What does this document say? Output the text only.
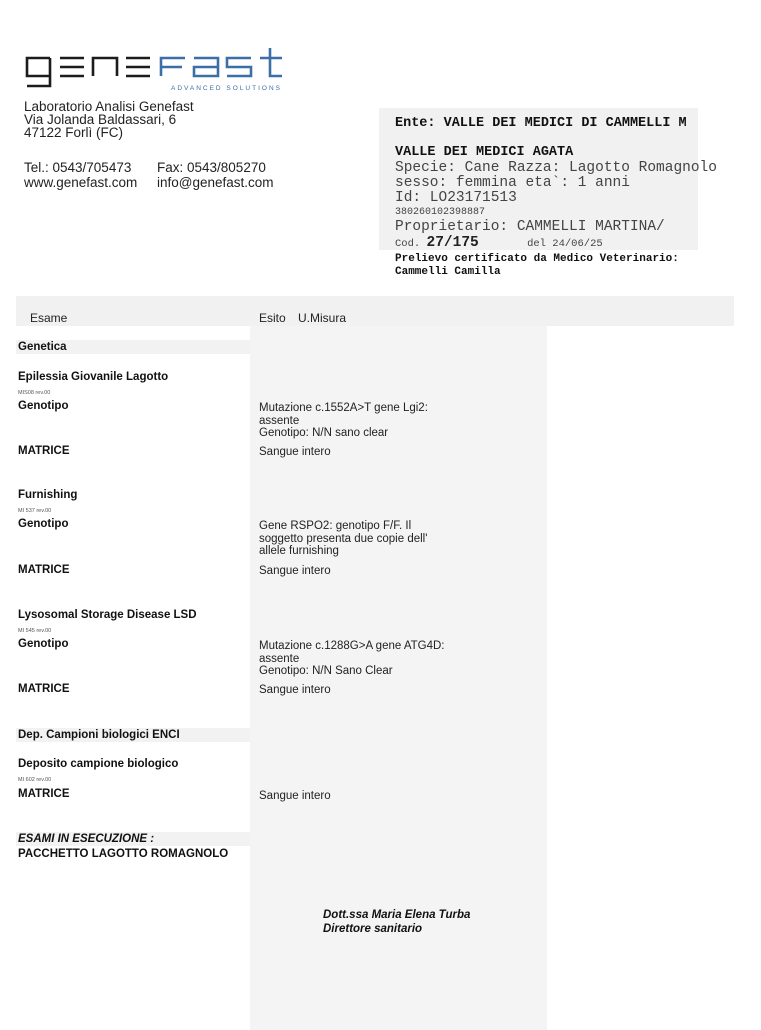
ADVANCED SOLUTIONS
Laboratorio Analisi Genefast
Via Jolanda Baldassari, 6
47122 Forlì (FC)
Tel.: 0543/705473	Fax: 0543/805270
www.genefast.com	info@genefast.com
Ente: VALLE DEI MEDICI DI CAMMELLI M
VALLE DEI MEDICI AGATA
Specie: Cane Razza: Lagotto Romagnolo
sesso: femmina eta`: 1 anni
Id: LO23171513
380260102398887
Proprietario: CAMMELLI MARTINA/
Cod. 27/175	del 24/06/25
Prelievo certificato da Medico Veterinario:
Cammelli Camilla
Esame	Esito U.Misura
Genetica
Epilessia Giovanile Lagotto
MIS08 rev.00
Genotipo	Mutazione c.1552A>T gene Lgi2:
assente
Genotipo: N/N sano clear
MATRICE	Sangue intero
Furnishing
MI 537 rev.00
Genotipo	Gene RSPO2: genotipo F/F. Il
soggetto presenta due copie dell'
allele furnishing
MATRICE	Sangue intero
Lysosomal Storage Disease LSD
MI 545 rev.00
Genotipo	Mutazione c.1288G>A gene ATG4D:
assente
Genotipo: N/N Sano Clear
MATRICE	Sangue intero
Dep. Campioni biologici ENCI
Deposito campione biologico
MI 602 rev.00
MATRICE	Sangue intero
ESAMI IN ESECUZIONE :
PACCHETTO LAGOTTO ROMAGNOLO
Dott.ssa Maria Elena Turba
Direttore sanitario
